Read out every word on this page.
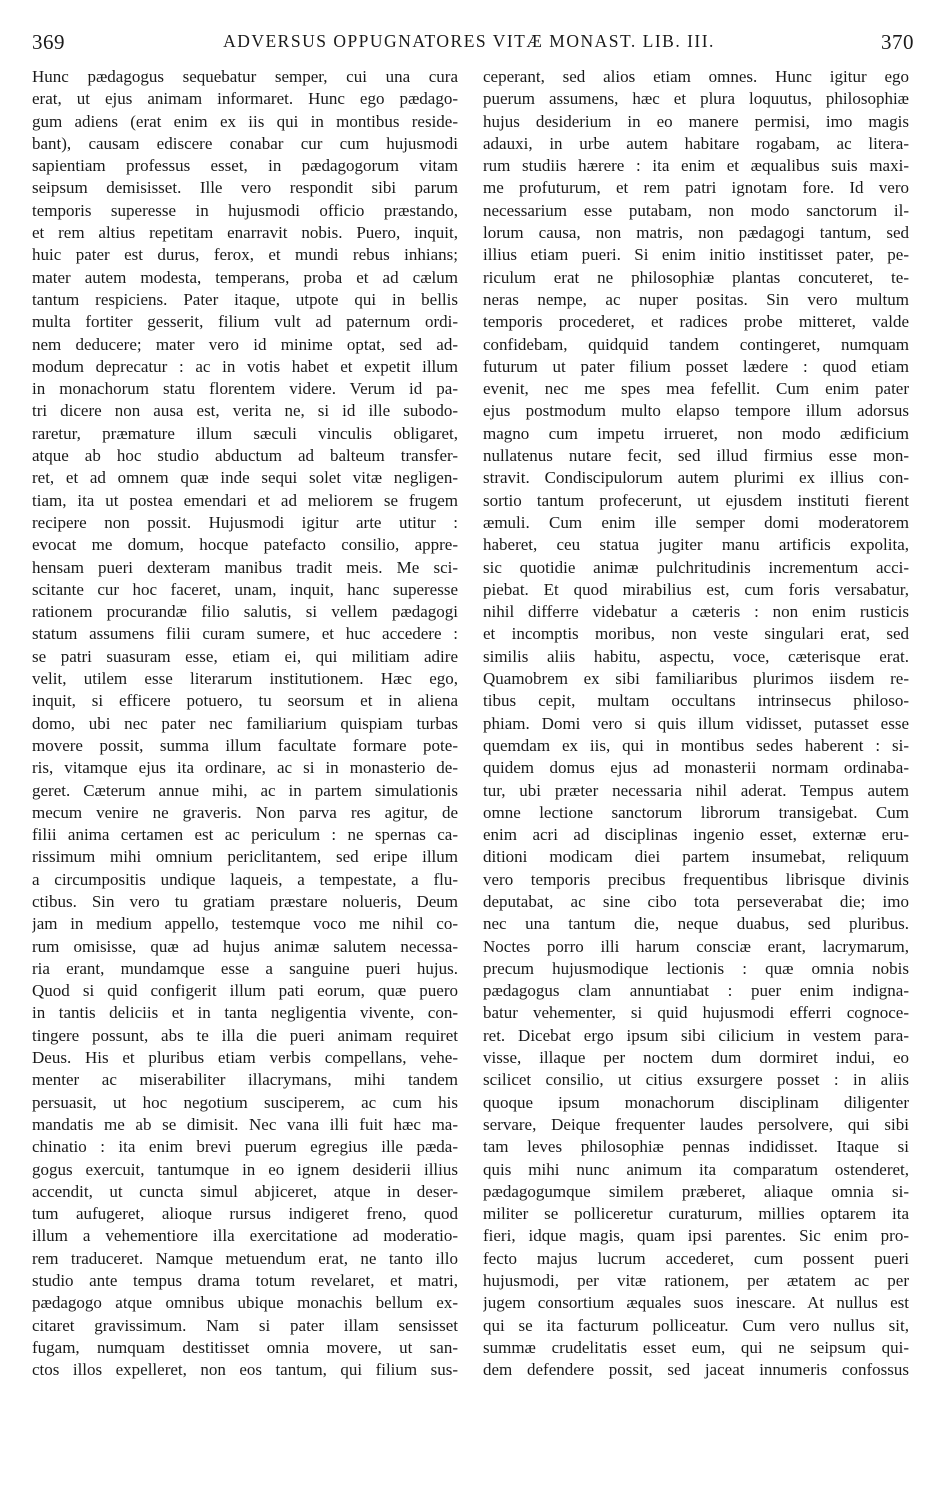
369	ADVERSUS OPPUGNATORES VITÆ MONAST. LIB. III.	370
Hunc pædagogus sequebatur semper, cui una cura
erat, ut ejus animam informaret. Hunc ego pædago-
gum adiens (erat enim ex iis qui in montibus reside-
bant), causam ediscere conabar cur cum hujusmodi
sapientiam professus esset, in pædagogorum vitam
seipsum demisisset. Ille vero respondit sibi parum
temporis superesse in hujusmodi officio præstando,
et rem altius repetitam enarravit nobis. Puero, inquit,
huic pater est durus, ferox, et mundi rebus inhians;
mater autem modesta, temperans, proba et ad cælum
tantum respiciens. Pater itaque, utpote qui in bellis
multa fortiter gesserit, filium vult ad paternum ordi-
nem deducere; mater vero id minime optat, sed ad-
modum deprecatur : ac in votis habet et expetit illum
in monachorum statu florentem videre. Verum id pa-
tri dicere non ausa est, verita ne, si id ille subodo-
raretur, præmature illum sæculi vinculis obligaret,
atque ab hoc studio abductum ad balteum transfer-
ret, et ad omnem quæ inde sequi solet vitæ negligen-
tiam, ita ut postea emendari et ad meliorem se frugem
recipere non possit. Hujusmodi igitur arte utitur :
evocat me domum, hocque patefacto consilio, appre-
hensam pueri dexteram manibus tradit meis. Me sci-
scitante cur hoc faceret, unam, inquit, hanc superesse
rationem procurandæ filio salutis, si vellem pædagogi
statum assumens filii curam sumere, et huc accedere :
se patri suasuram esse, etiam ei, qui militiam adire
velit, utilem esse literarum institutionem. Hæc ego,
inquit, si efficere potuero, tu seorsum et in aliena
domo, ubi nec pater nec familiarium quispiam turbas
movere possit, summa illum facultate formare pote-
ris, vitamque ejus ita ordinare, ac si in monasterio de-
geret. Cæterum annue mihi, ac in partem simulationis
mecum venire ne graveris. Non parva res agitur, de
filii anima certamen est ac periculum : ne spernas ca-
rissimum mihi omnium periclitantem, sed eripe illum
a circumpositis undique laqueis, a tempestate, a flu-
ctibus. Sin vero tu gratiam præstare nolueris, Deum
jam in medium appello, testemque voco me nihil co-
rum omisisse, quæ ad hujus animæ salutem necessa-
ria erant, mundamque esse a sanguine pueri hujus.
Quod si quid configerit illum pati eorum, quæ puero
in tantis deliciis et in tanta negligentia vivente, con-
tingere possunt, abs te illa die pueri animam requiret
Deus. His et pluribus etiam verbis compellans, vehe-
menter ac miserabiliter illacrymans, mihi tandem
persuasit, ut hoc negotium susciperem, ac cum his
mandatis me ab se dimisit. Nec vana illi fuit hæc ma-
chinatio : ita enim brevi puerum egregius ille pæda-
gogus exercuit, tantumque in eo ignem desiderii illius
accendit, ut cuncta simul abjiceret, atque in deser-
tum aufugeret, alioque rursus indigeret freno, quod
illum a vehementiore illa exercitatione ad moderatio-
rem traduceret. Namque metuendum erat, ne tanto illo
studio ante tempus drama totum revelaret, et matri,
pædagogo atque omnibus ubique monachis bellum ex-
citaret gravissimum. Nam si pater illam sensisset
fugam, numquam destitisset omnia movere, ut san-
ctos illos expelleret, non eos tantum, qui filium sus-
ceperant, sed alios etiam omnes. Hunc igitur ego
puerum assumens, hæc et plura loquutus, philosophiæ
hujus desiderium in eo manere permisi, imo magis
adauxi, in urbe autem habitare rogabam, ac litera-
rum studiis hærere : ita enim et æqualibus suis maxi-
me profuturum, et rem patri ignotam fore. Id vero
necessarium esse putabam, non modo sanctorum il-
lorum causa, non matris, non pædagogi tantum, sed
illius etiam pueri. Si enim initio institisset pater, pe-
riculum erat ne philosophiæ plantas concuteret, te-
neras nempe, ac nuper positas. Sin vero multum
temporis procederet, et radices probe mitteret, valde
confidebam, quidquid tandem contingeret, numquam
futurum ut pater filium posset lædere : quod etiam
evenit, nec me spes mea fefellit. Cum enim pater
ejus postmodum multo elapso tempore illum adorsus
magno cum impetu irrueret, non modo ædificium
nullatenus nutare fecit, sed illud firmius esse mon-
stravit. Condiscipulorum autem plurimi ex illius con-
sortio tantum profecerunt, ut ejusdem instituti fierent
æmuli. Cum enim ille semper domi moderatorem
haberet, ceu statua jugiter manu artificis expolita,
sic quotidie animæ pulchritudinis incrementum acci-
piebat. Et quod mirabilius est, cum foris versabatur,
nihil differre videbatur a cæteris : non enim rusticis
et incomptis moribus, non veste singulari erat, sed
similis aliis habitu, aspectu, voce, cæterisque erat.
Quamobrem ex sibi familiaribus plurimos iisdem re-
tibus cepit, multam occultans intrinsecus philoso-
phiam. Domi vero si quis illum vidisset, putasset esse
quemdam ex iis, qui in montibus sedes haberent : si-
quidem domus ejus ad monasterii normam ordinaba-
tur, ubi præter necessaria nihil aderat. Tempus autem
omne lectione sanctorum librorum transigebat. Cum
enim acri ad disciplinas ingenio esset, externæ eru-
ditioni modicam diei partem insumebat, reliquum
vero temporis precibus frequentibus librisque divinis
deputabat, ac sine cibo tota perseverabat die; imo
nec una tantum die, neque duabus, sed pluribus.
Noctes porro illi harum consciæ erant, lacrymarum,
precum hujusmodique lectionis : quæ omnia nobis
pædagogus clam annuntiabat : puer enim indigna-
batur vehementer, si quid hujusmodi efferri cognoce-
ret. Dicebat ergo ipsum sibi cilicium in vestem para-
visse, illaque per noctem dum dormiret indui, eo
scilicet consilio, ut citius exsurgere posset : in aliis
quoque ipsum monachorum disciplinam diligenter
servare, Deique frequenter laudes persolvere, qui sibi
tam leves philosophiæ pennas indidisset. Itaque si
quis mihi nunc animum ita comparatum ostenderet,
pædagogumque similem præberet, aliaque omnia si-
militer se polliceretur curaturum, millies optarem ita
fieri, idque magis, quam ipsi parentes. Sic enim pro-
fecto majus lucrum accederet, cum possent pueri
hujusmodi, per vitæ rationem, per ætatem ac per
jugem consortium æquales suos inescare. At nullus est
qui se ita facturum polliceatur. Cum vero nullus sit,
summæ crudelitatis esset eum, qui ne seipsum qui-
dem defendere possit, sed jaceat innumeris confossus
